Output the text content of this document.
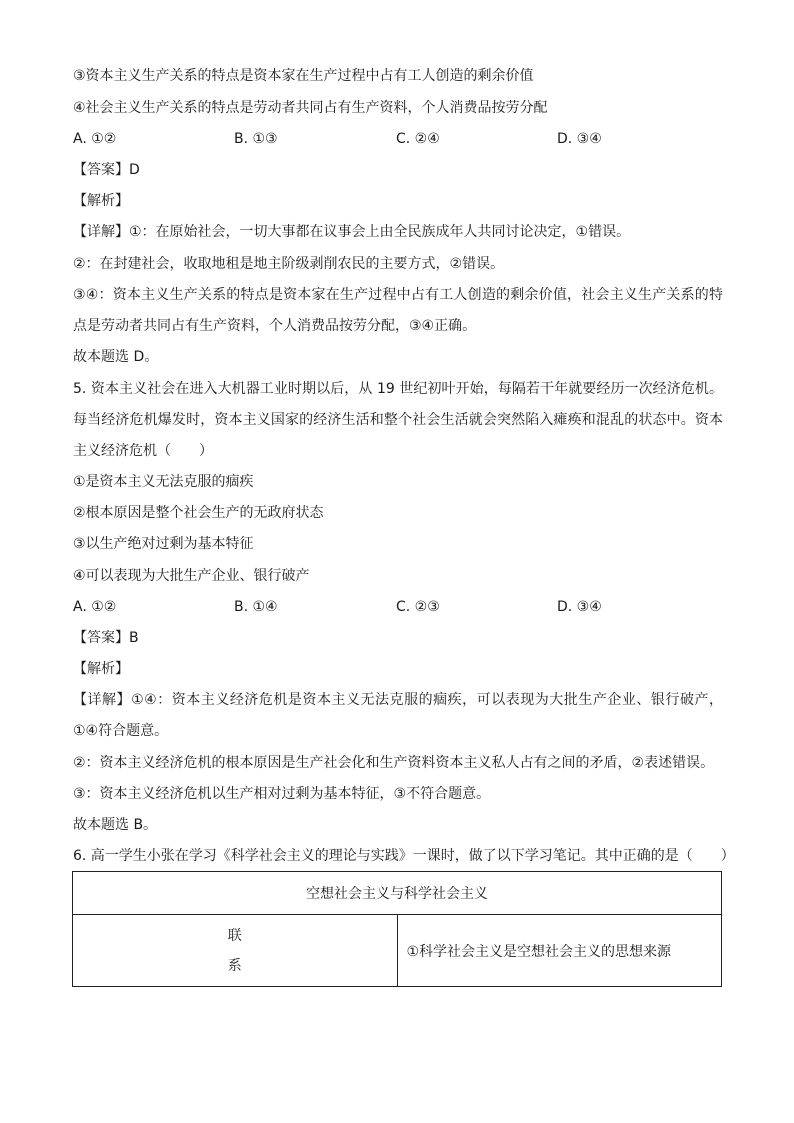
③资本主义生产关系的特点是资本家在生产过程中占有工人创造的剩余价值
④社会主义生产关系的特点是劳动者共同占有生产资料，个人消费品按劳分配
A. ①②	B. ①③	C. ②④	D. ③④
【答案】D
【解析】
【详解】①：在原始社会，一切大事都在议事会上由全民族成年人共同讨论决定，①错误。
②：在封建社会，收取地租是地主阶级剥削农民的主要方式，②错误。
③④：资本主义生产关系的特点是资本家在生产过程中占有工人创造的剩余价值，社会主义生产关系的特点是劳动者共同占有生产资料，个人消费品按劳分配，③④正确。
故本题选 D。
5. 资本主义社会在进入大机器工业时期以后，从 19 世纪初叶开始，每隔若干年就要经历一次经济危机。每当经济危机爆发时，资本主义国家的经济生活和整个社会生活就会突然陷入瘫痪和混乱的状态中。资本主义经济危机（　　）
①是资本主义无法克服的痼疾
②根本原因是整个社会生产的无政府状态
③以生产绝对过剩为基本特征
④可以表现为大批生产企业、银行破产
A. ①②	B. ①④	C. ②③	D. ③④
【答案】B
【解析】
【详解】①④：资本主义经济危机是资本主义无法克服的痼疾，可以表现为大批生产企业、银行破产，①④符合题意。
②：资本主义经济危机的根本原因是生产社会化和生产资料资本主义私人占有之间的矛盾，②表述错误。
③：资本主义经济危机以生产相对过剩为基本特征，③不符合题意。
故本题选 B。
6. 高一学生小张在学习《科学社会主义的理论与实践》一课时，做了以下学习笔记。其中正确的是（　　）
空想社会主义与科学社会主义

联
系
	①科学社会主义是空想社会主义的思想来源
